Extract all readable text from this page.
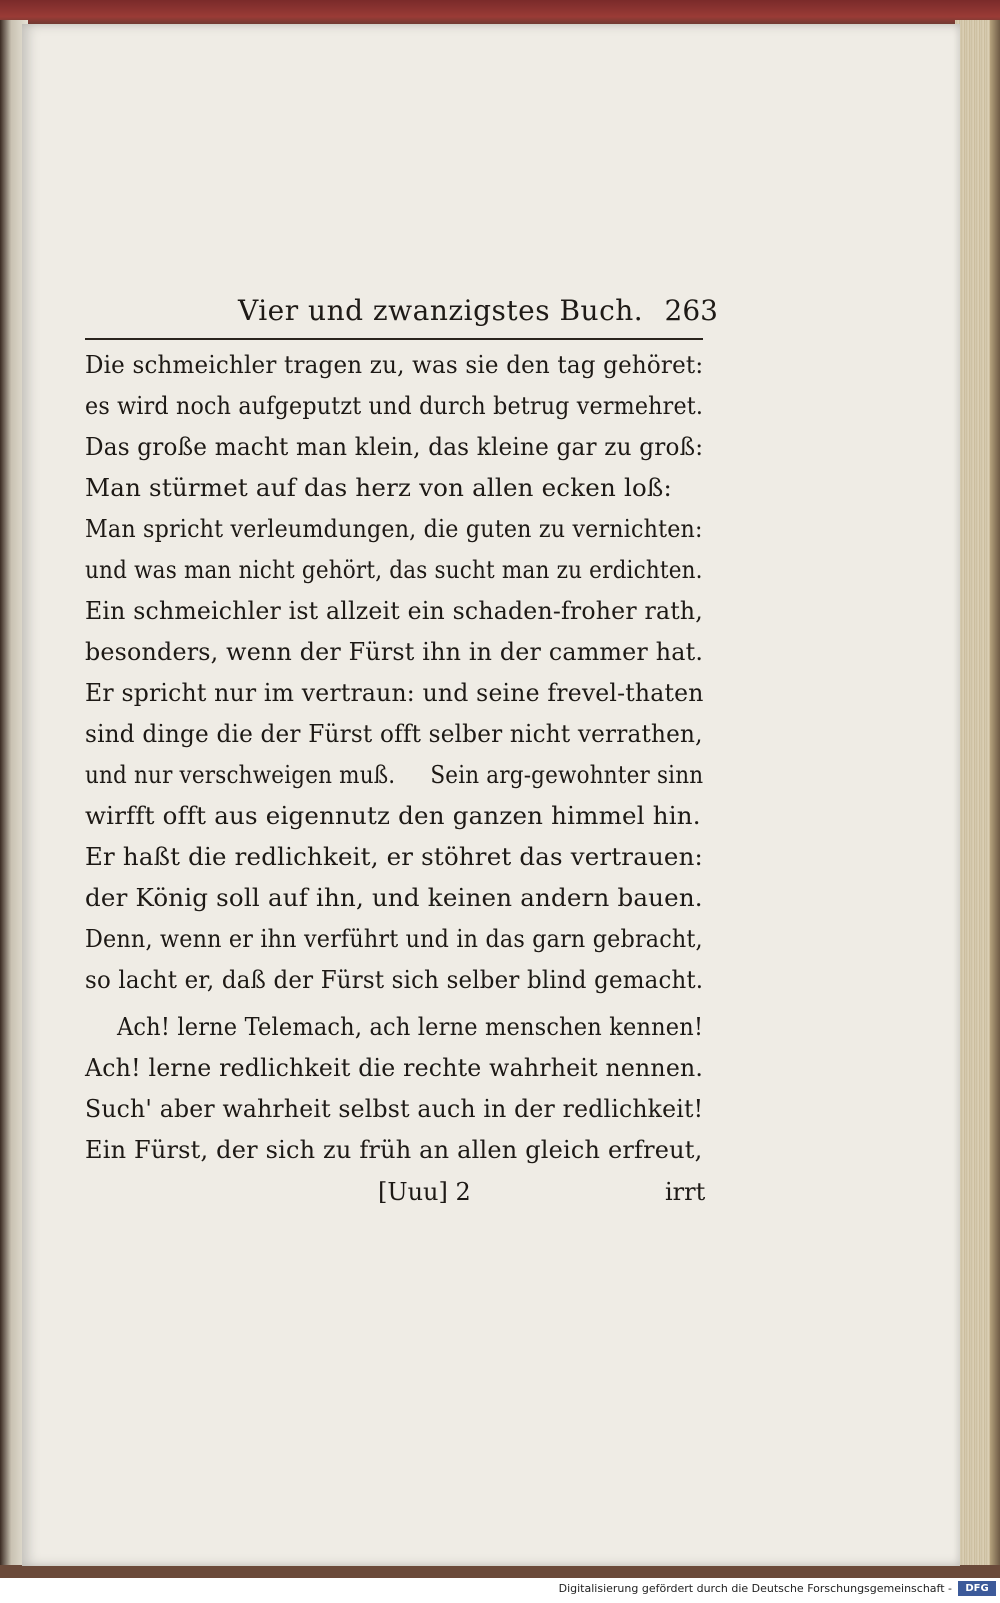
Vier und zwanzigstes Buch. 263
Die schmeichler tragen zu, was sie den tag gehöret:
es wird noch aufgeputzt und durch betrug vermehret.
Das große macht man klein, das kleine gar zu groß:
Man stürmet auf das herz von allen ecken loß:
Man spricht verleumdungen, die guten zu vernichten:
und was man nicht gehört, das sucht man zu erdichten.
Ein schmeichler ist allzeit ein schaden-froher rath,
besonders, wenn der Fürst ihn in der cammer hat.
Er spricht nur im vertraun: und seine frevel-thaten
sind dinge die der Fürst offt selber nicht verrathen,
und nur verschweigen muß.     Sein arg-gewohnter sinn
wirfft offt aus eigennutz den ganzen himmel hin.
Er haßt die redlichkeit, er stöhret das vertrauen:
der König soll auf ihn, und keinen andern bauen.
Denn, wenn er ihn verführt und in das garn gebracht,
so lacht er, daß der Fürst sich selber blind gemacht.
Ach! lerne Telemach, ach lerne menschen kennen!
Ach! lerne redlichkeit die rechte wahrheit nennen.
Such' aber wahrheit selbst auch in der redlichkeit!
Ein Fürst, der sich zu früh an allen gleich erfreut,
[Uuu] 2	irrt
Digitalisierung gefördert durch die Deutsche Forschungsgemeinschaft -	DFG
